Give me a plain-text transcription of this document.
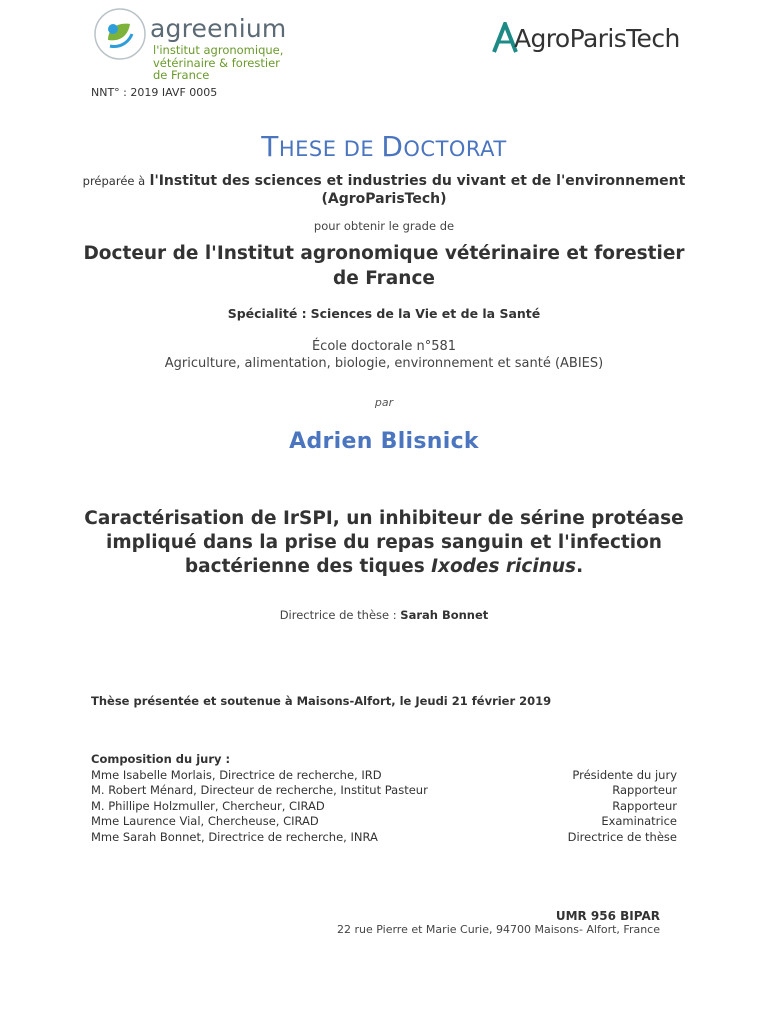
agreenium
l'institut agronomique,
vétérinaire & forestier
de France
AgroParisTech
NNT° : 2019 IAVF 0005
THESE DE DOCTORAT
préparée à l'Institut des sciences et industries du vivant et de l'environnement
(AgroParisTech)
pour obtenir le grade de
Docteur de l'Institut agronomique vétérinaire et forestier
de France
Spécialité : Sciences de la Vie et de la Santé
École doctorale n°581
Agriculture, alimentation, biologie, environnement et santé (ABIES)
par
Adrien Blisnick
Caractérisation de IrSPI, un inhibiteur de sérine protéase
impliqué dans la prise du repas sanguin et l'infection
bactérienne des tiques Ixodes ricinus.
Directrice de thèse : Sarah Bonnet
Thèse présentée et soutenue à Maisons-Alfort, le Jeudi 21 février 2019
Composition du jury :
Mme Isabelle Morlais, Directrice de recherche, IRD	Présidente du jury
M. Robert Ménard, Directeur de recherche, Institut Pasteur	Rapporteur
M. Phillipe Holzmuller, Chercheur, CIRAD	Rapporteur
Mme Laurence Vial, Chercheuse, CIRAD	Examinatrice
Mme Sarah Bonnet, Directrice de recherche, INRA	Directrice de thèse
UMR 956 BIPAR
22 rue Pierre et Marie Curie, 94700 Maisons- Alfort, France
